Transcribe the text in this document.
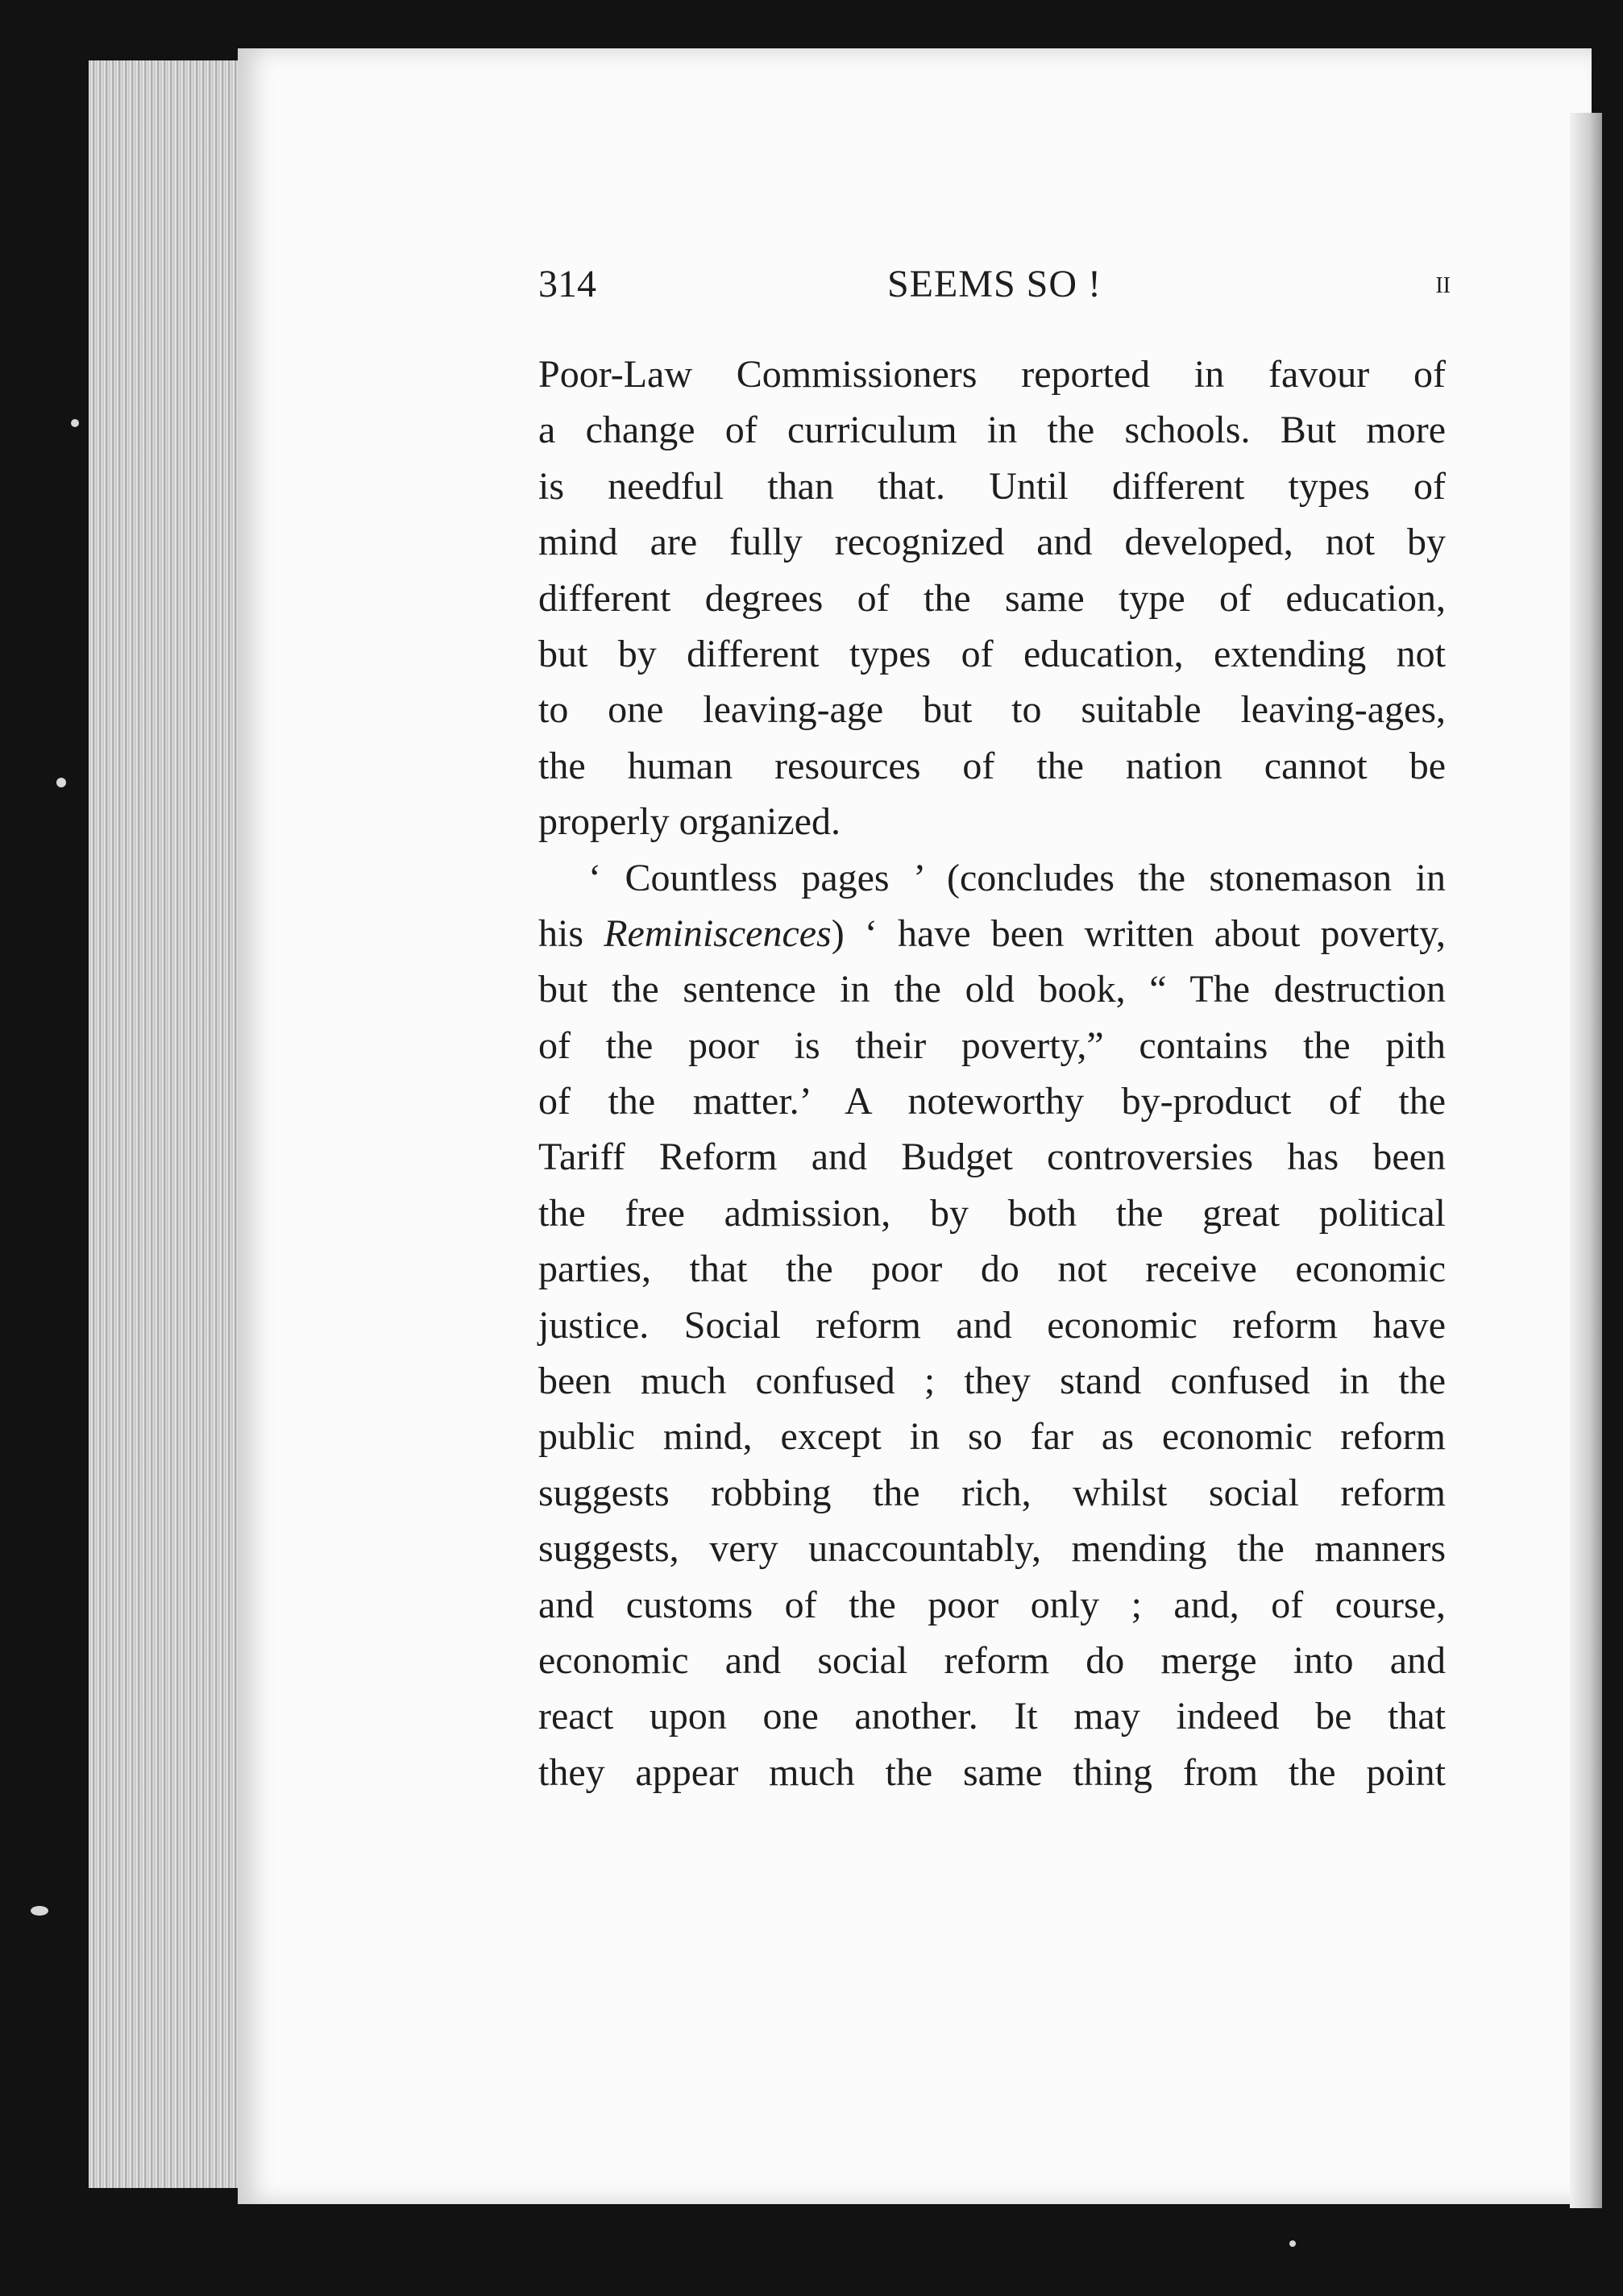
314	SEEMS SO !	II
Poor-Law Commissioners reported in favour of
a change of curriculum in the schools. But more
is needful than that. Until different types of
mind are fully recognized and developed, not by
different degrees of the same type of education,
but by different types of education, extending not
to one leaving-age but to suitable leaving-ages,
the human resources of the nation cannot be
properly organized.
‘ Countless pages ’ (concludes the stonemason in
his Reminiscences) ‘ have been written about poverty,
but the sentence in the old book, “ The destruction
of the poor is their poverty,” contains the pith
of the matter.’ A noteworthy by-product of the
Tariff Reform and Budget controversies has been
the free admission, by both the great political
parties, that the poor do not receive economic
justice. Social reform and economic reform have
been much confused ; they stand confused in the
public mind, except in so far as economic reform
suggests robbing the rich, whilst social reform
suggests, very unaccountably, mending the manners
and customs of the poor only ; and, of course,
economic and social reform do merge into and
react upon one another. It may indeed be that
they appear much the same thing from the point
